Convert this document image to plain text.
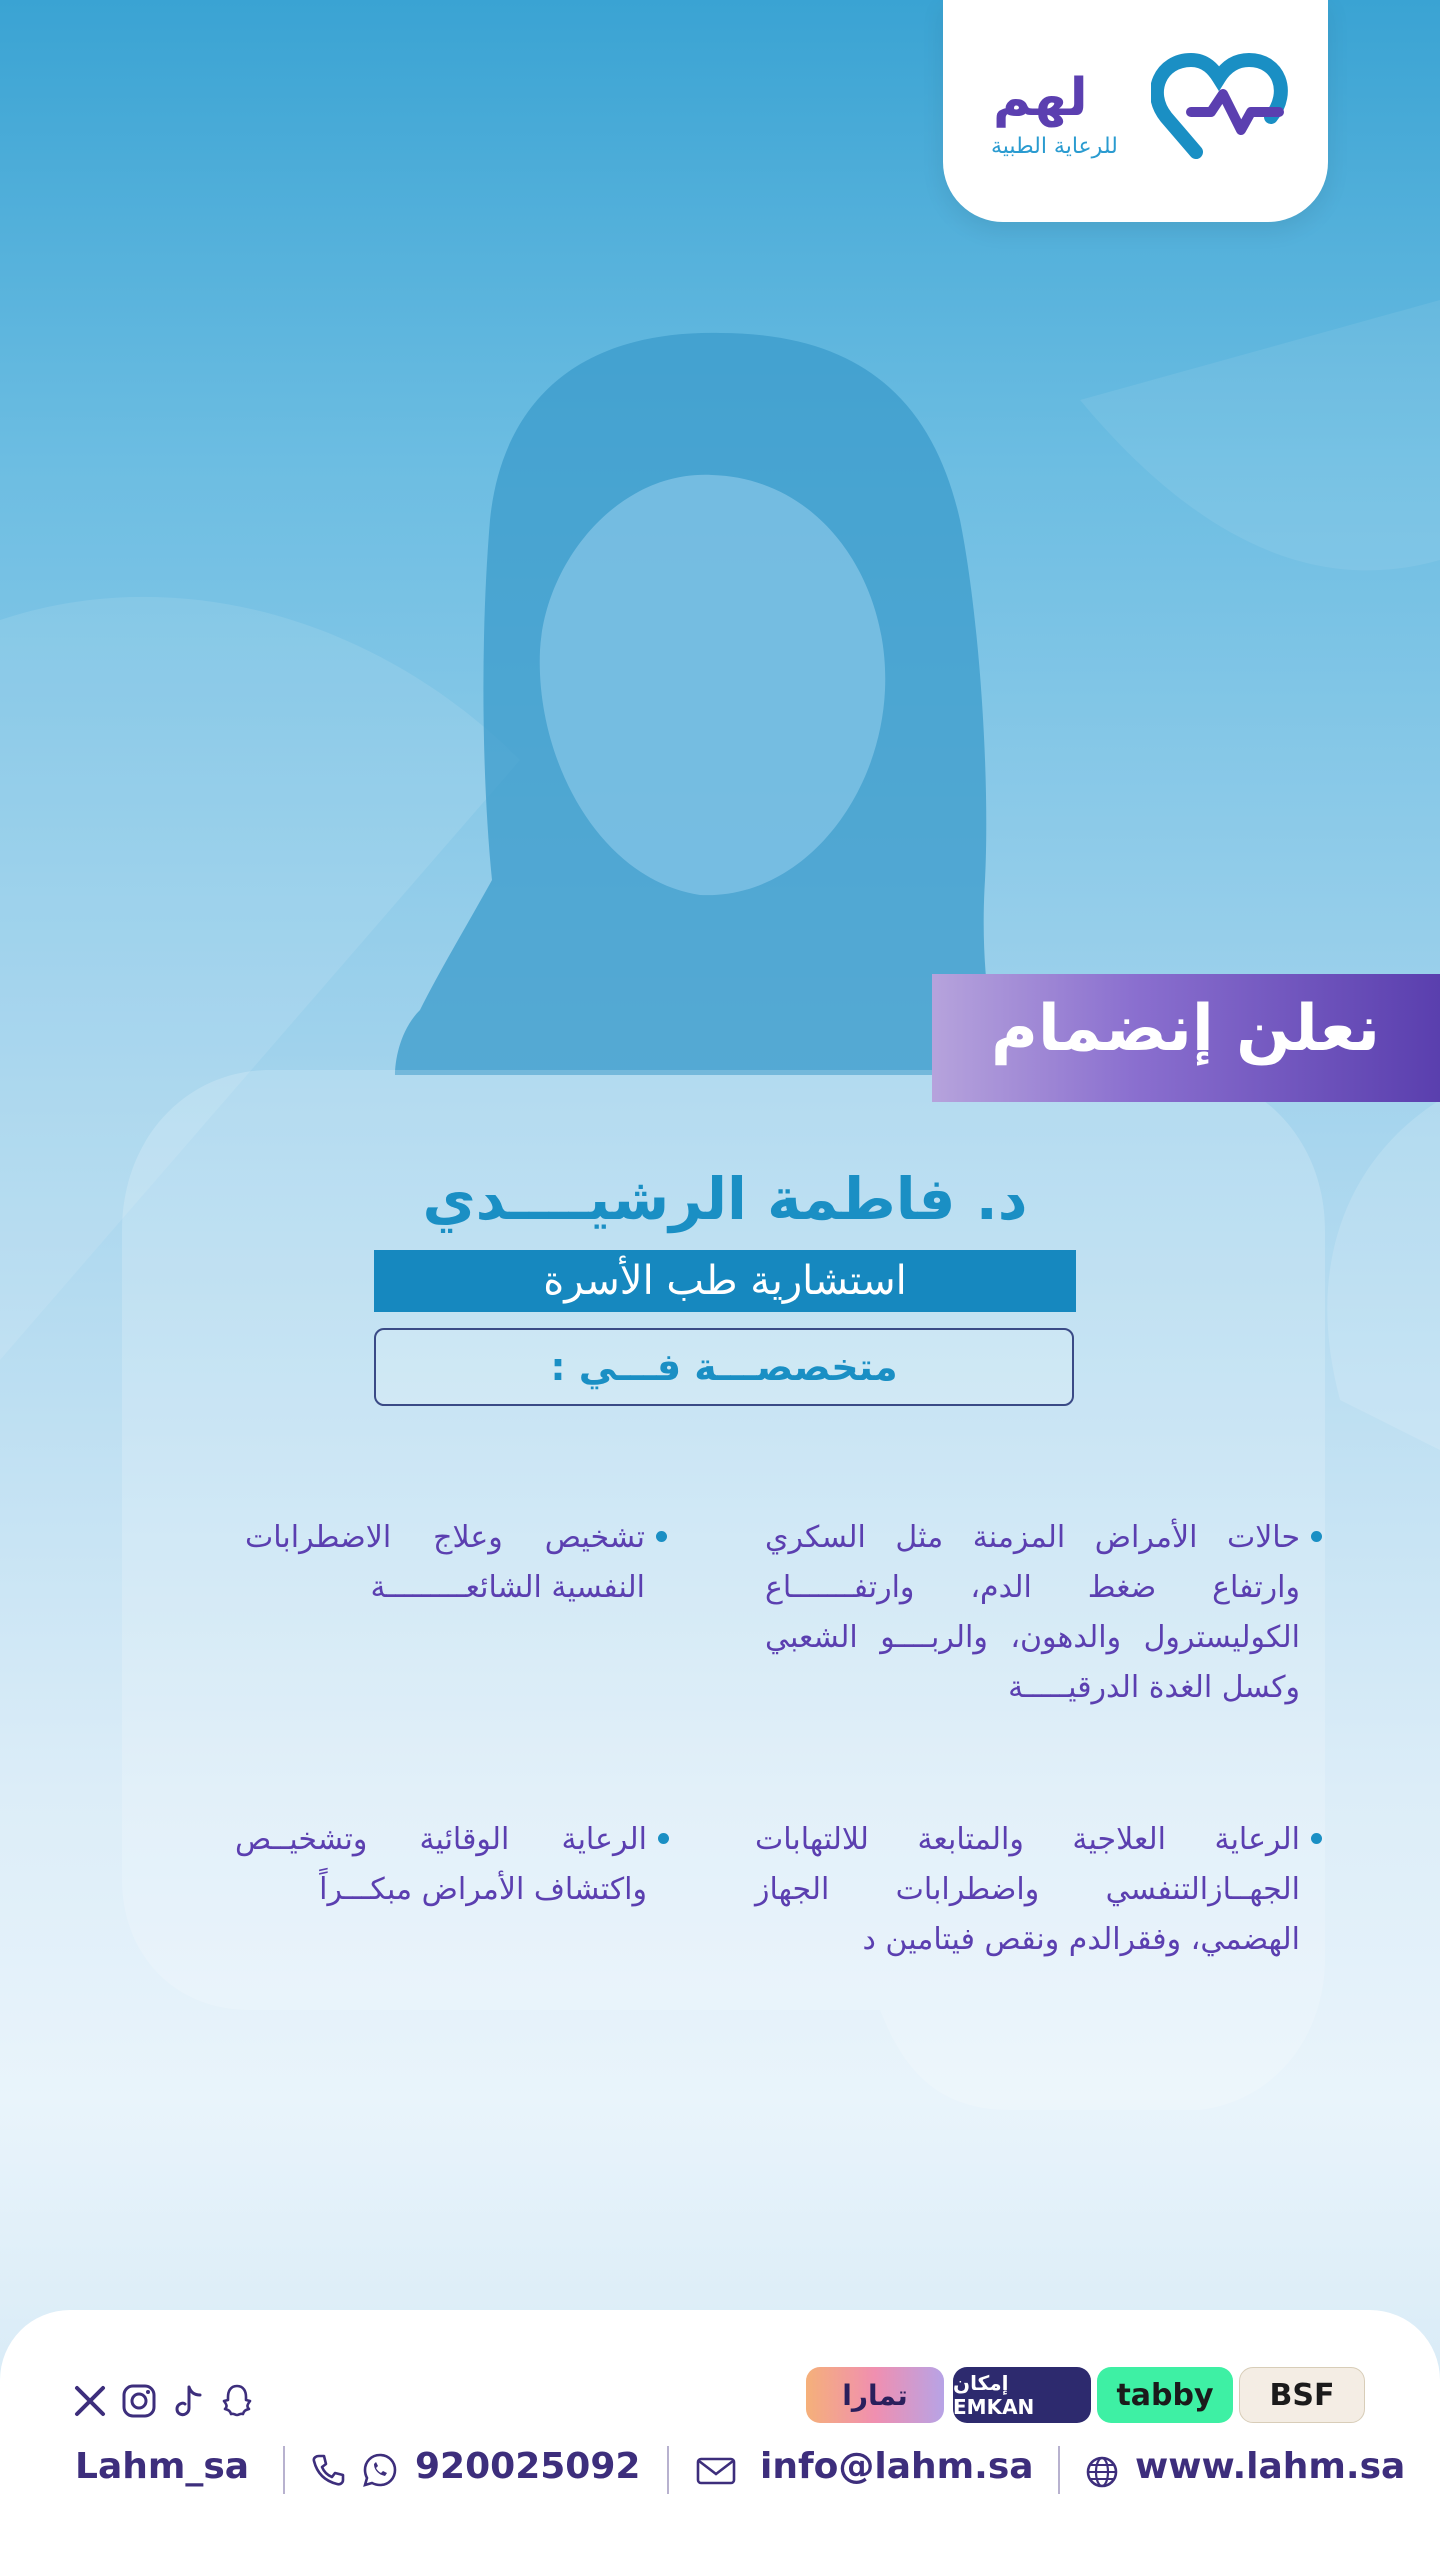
لهم
للرعاية الطبية
نعلن إنضمام
د. فاطمة الرشيــــدي
استشارية طب الأسرة
متخصصـــة فـــي :
حالات الأمراض المزمنة مثل السكري وارتفاع ضغط الدم، وارتفـــــــاع الكوليسترول والدهون، والربــــو الشعبي وكسل الغدة الدرقيـــــة
تشخيص وعلاج الاضطرابات النفسية الشائعـــــــــة
الرعاية العلاجية والمتابعة للالتهابات الجهــازالتنفسي واضطرابات الجهاز الهضمي، وفقرالدم ونقص فيتامين د
الرعاية الوقائية وتشخيــص واكتشاف الأمراض مبكـــراً
تمارا إمكان EMKAN	tabby BSF
Lahm_sa	920025092	info@lahm.sa	www.lahm.sa
